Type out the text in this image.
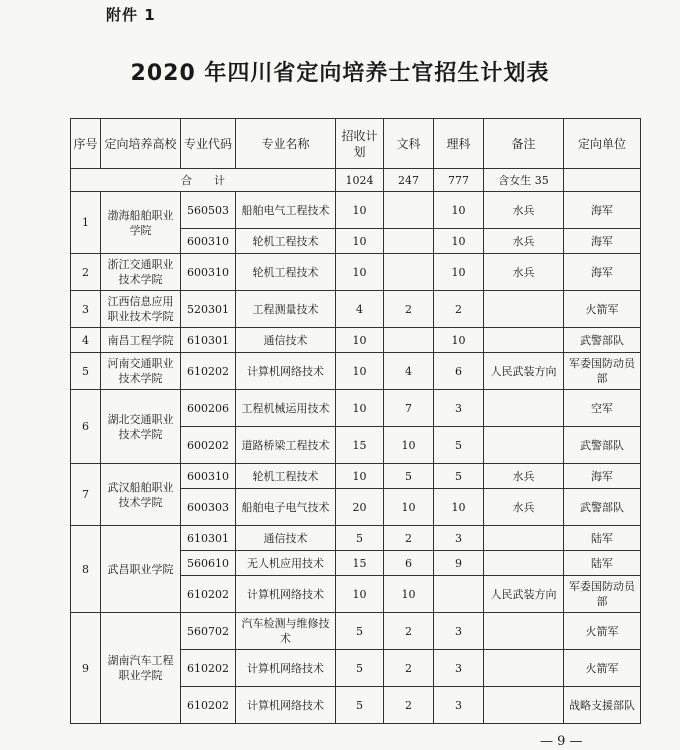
附件 1
2020 年四川省定向培养士官招生计划表
序号	定向培养高校	专业代码	专业名称	招收计划	文科	理科	备注	定向单位
合　　计				1024	247	777	含女生 35	
1	渤海船舶职业学院	560503	船舶电气工程技术	10		10	水兵	海军
		600310	轮机工程技术	10		10	水兵	海军
2	浙江交通职业技术学院	600310	轮机工程技术	10		10	水兵	海军
3	江西信息应用职业技术学院	520301	工程测量技术	4	2	2		火箭军
4	南昌工程学院	610301	通信技术	10		10		武警部队
5	河南交通职业技术学院	610202	计算机网络技术	10	4	6	人民武装方向	军委国防动员部
6	湖北交通职业技术学院	600206	工程机械运用技术	10	7	3		空军
		600202	道路桥梁工程技术	15	10	5		武警部队
7	武汉船舶职业技术学院	600310	轮机工程技术	10	5	5	水兵	海军
		600303	船舶电子电气技术	20	10	10	水兵	武警部队
8	武昌职业学院	610301	通信技术	5	2	3		陆军
		560610	无人机应用技术	15	6	9		陆军
		610202	计算机网络技术	10	10		人民武装方向	军委国防动员部
9	湖南汽车工程职业学院	560702	汽车检测与维修技术	5	2	3		火箭军
		610202	计算机网络技术	5	2	3		火箭军
		610202	计算机网络技术	5	2	3		战略支援部队
— 9 —
